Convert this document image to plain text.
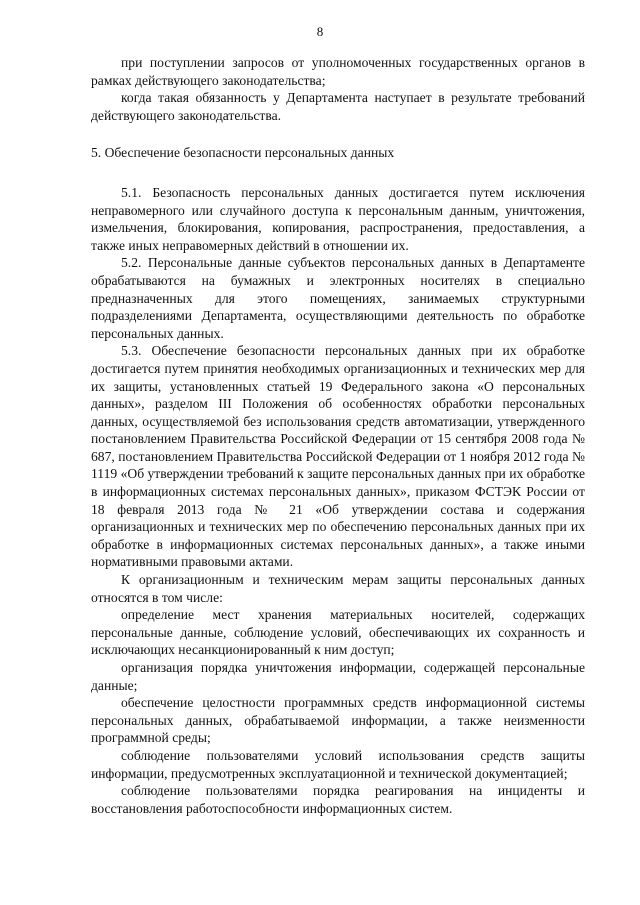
8

при поступлении запросов от уполномоченных государственных органов в рамках действующего законодательства;

когда такая обязанность у Департамента наступает в результате требований действующего законодательства.

5. Обеспечение безопасности персональных данных

5.1. Безопасность персональных данных достигается путем исключения неправомерного или случайного доступа к персональным данным, уничтожения, измельчения, блокирования, копирования, распространения, предоставления, а также иных неправомерных действий в отношении их.

5.2. Персональные данные субъектов персональных данных в Департаменте обрабатываются на бумажных и электронных носителях в специально предназначенных для этого помещениях, занимаемых структурными подразделениями Департамента, осуществляющими деятельность по обработке персональных данных.

5.3. Обеспечение безопасности персональных данных при их обработке достигается путем принятия необходимых организационных и технических мер для их защиты, установленных статьей 19 Федерального закона «О персональных данных», разделом III Положения об особенностях обработки персональных данных, осуществляемой без использования средств автоматизации, утвержденного постановлением Правительства Российской Федерации от 15 сентября 2008 года № 687, постановлением Правительства Российской Федерации от 1 ноября 2012 года № 1119 «Об утверждении требований к защите персональных данных при их обработке в информационных системах персональных данных», приказом ФСТЭК России от 18 февраля 2013 года № 21 «Об утверждении состава и содержания организационных и технических мер по обеспечению персональных данных при их обработке в информационных системах персональных данных», а также иными нормативными правовыми актами.

К организационным и техническим мерам защиты персональных данных относятся в том числе:

определение мест хранения материальных носителей, содержащих персональные данные, соблюдение условий, обеспечивающих их сохранность и исключающих несанкционированный к ним доступ;

организация порядка уничтожения информации, содержащей персональные данные;

обеспечение целостности программных средств информационной системы персональных данных, обрабатываемой информации, а также неизменности программной среды;

соблюдение пользователями условий использования средств защиты информации, предусмотренных эксплуатационной и технической документацией;

соблюдение пользователями порядка реагирования на инциденты и восстановления работоспособности информационных систем.
